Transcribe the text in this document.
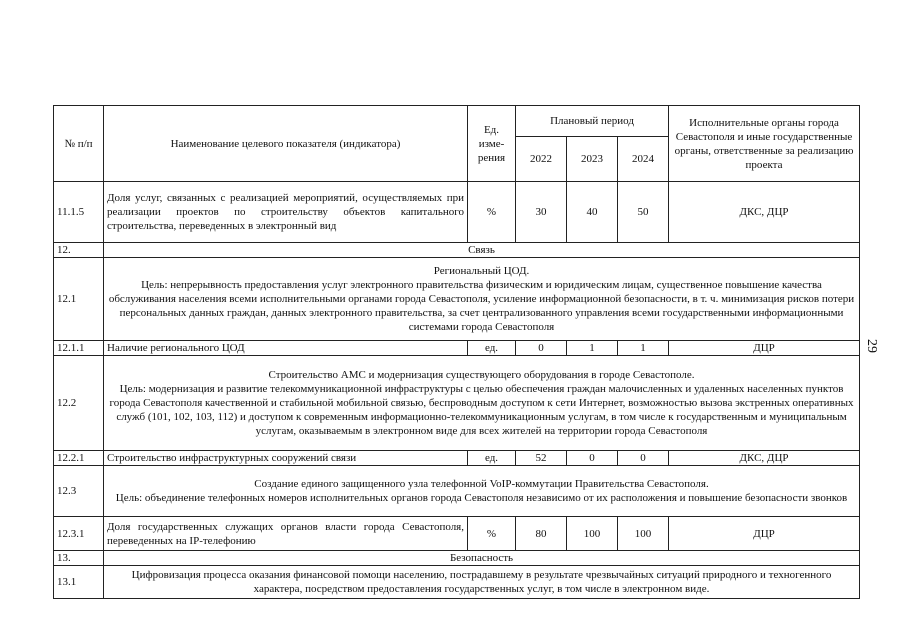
29
№ п/п	Наименование целевого показателя (индикатора)	Ед. изме-рения	Плановый период			Исполнительные органы города Севастополя и иные государственные органы, ответственные за реализацию проекта
			2022	2023	2024	
11.1.5	Доля услуг, связанных с реализацией мероприятий, осуществляемых при реализации проектов по строительству объектов капитального строительства, переведенных в электронный вид	%	30	40	50	ДКС, ДЦР
12.	Связь					
12.1	Региональный ЦОД.
Цель: непрерывность предоставления услуг электронного правительства физическим и юридическим лицам, существенное повышение качества обслуживания населения всеми исполнительными органами города Севастополя, усиление информационной безопасности, в т. ч. минимизация рисков потери персональных данных граждан, данных электронного правительства, за счет централизованного управления всеми государственными информационными системами города Севастополя					

12.1.1	Наличие регионального ЦОД	ед.	0	1	1	ДЦР
12.2	Строительство АМС и модернизация существующего оборудования в городе Севастополе.
Цель: модернизация и развитие телекоммуникационной инфраструктуры с целью обеспечения граждан малочисленных и удаленных населенных пунктов города Севастополя качественной и стабильной мобильной связью, беспроводным доступом к сети Интернет, возможностью вызова экстренных оперативных служб (101, 102, 103, 112) и доступом к современным информационно-телекоммуникационным услугам, в том числе к государственным и муниципальным услугам, оказываемым в электронном виде для всех жителей на территории города Севастополя					

12.2.1	Строительство инфраструктурных сооружений связи	ед.	52	0	0	ДКС, ДЦР
12.3	Создание единого защищенного узла телефонной VoIP-коммутации Правительства Севастополя.
Цель: объединение телефонных номеров исполнительных органов города Севастополя независимо от их расположения и повышение безопасности звонков					

12.3.1	Доля государственных служащих органов власти города Севастополя, переведенных на IP-телефонию	%	80	100	100	ДЦР
13.	Безопасность					
13.1	Цифровизация процесса оказания финансовой помощи населению, пострадавшему в результате чрезвычайных ситуаций природного и техногенного характера, посредством предоставления государственных услуг, в том числе в электронном виде.					
